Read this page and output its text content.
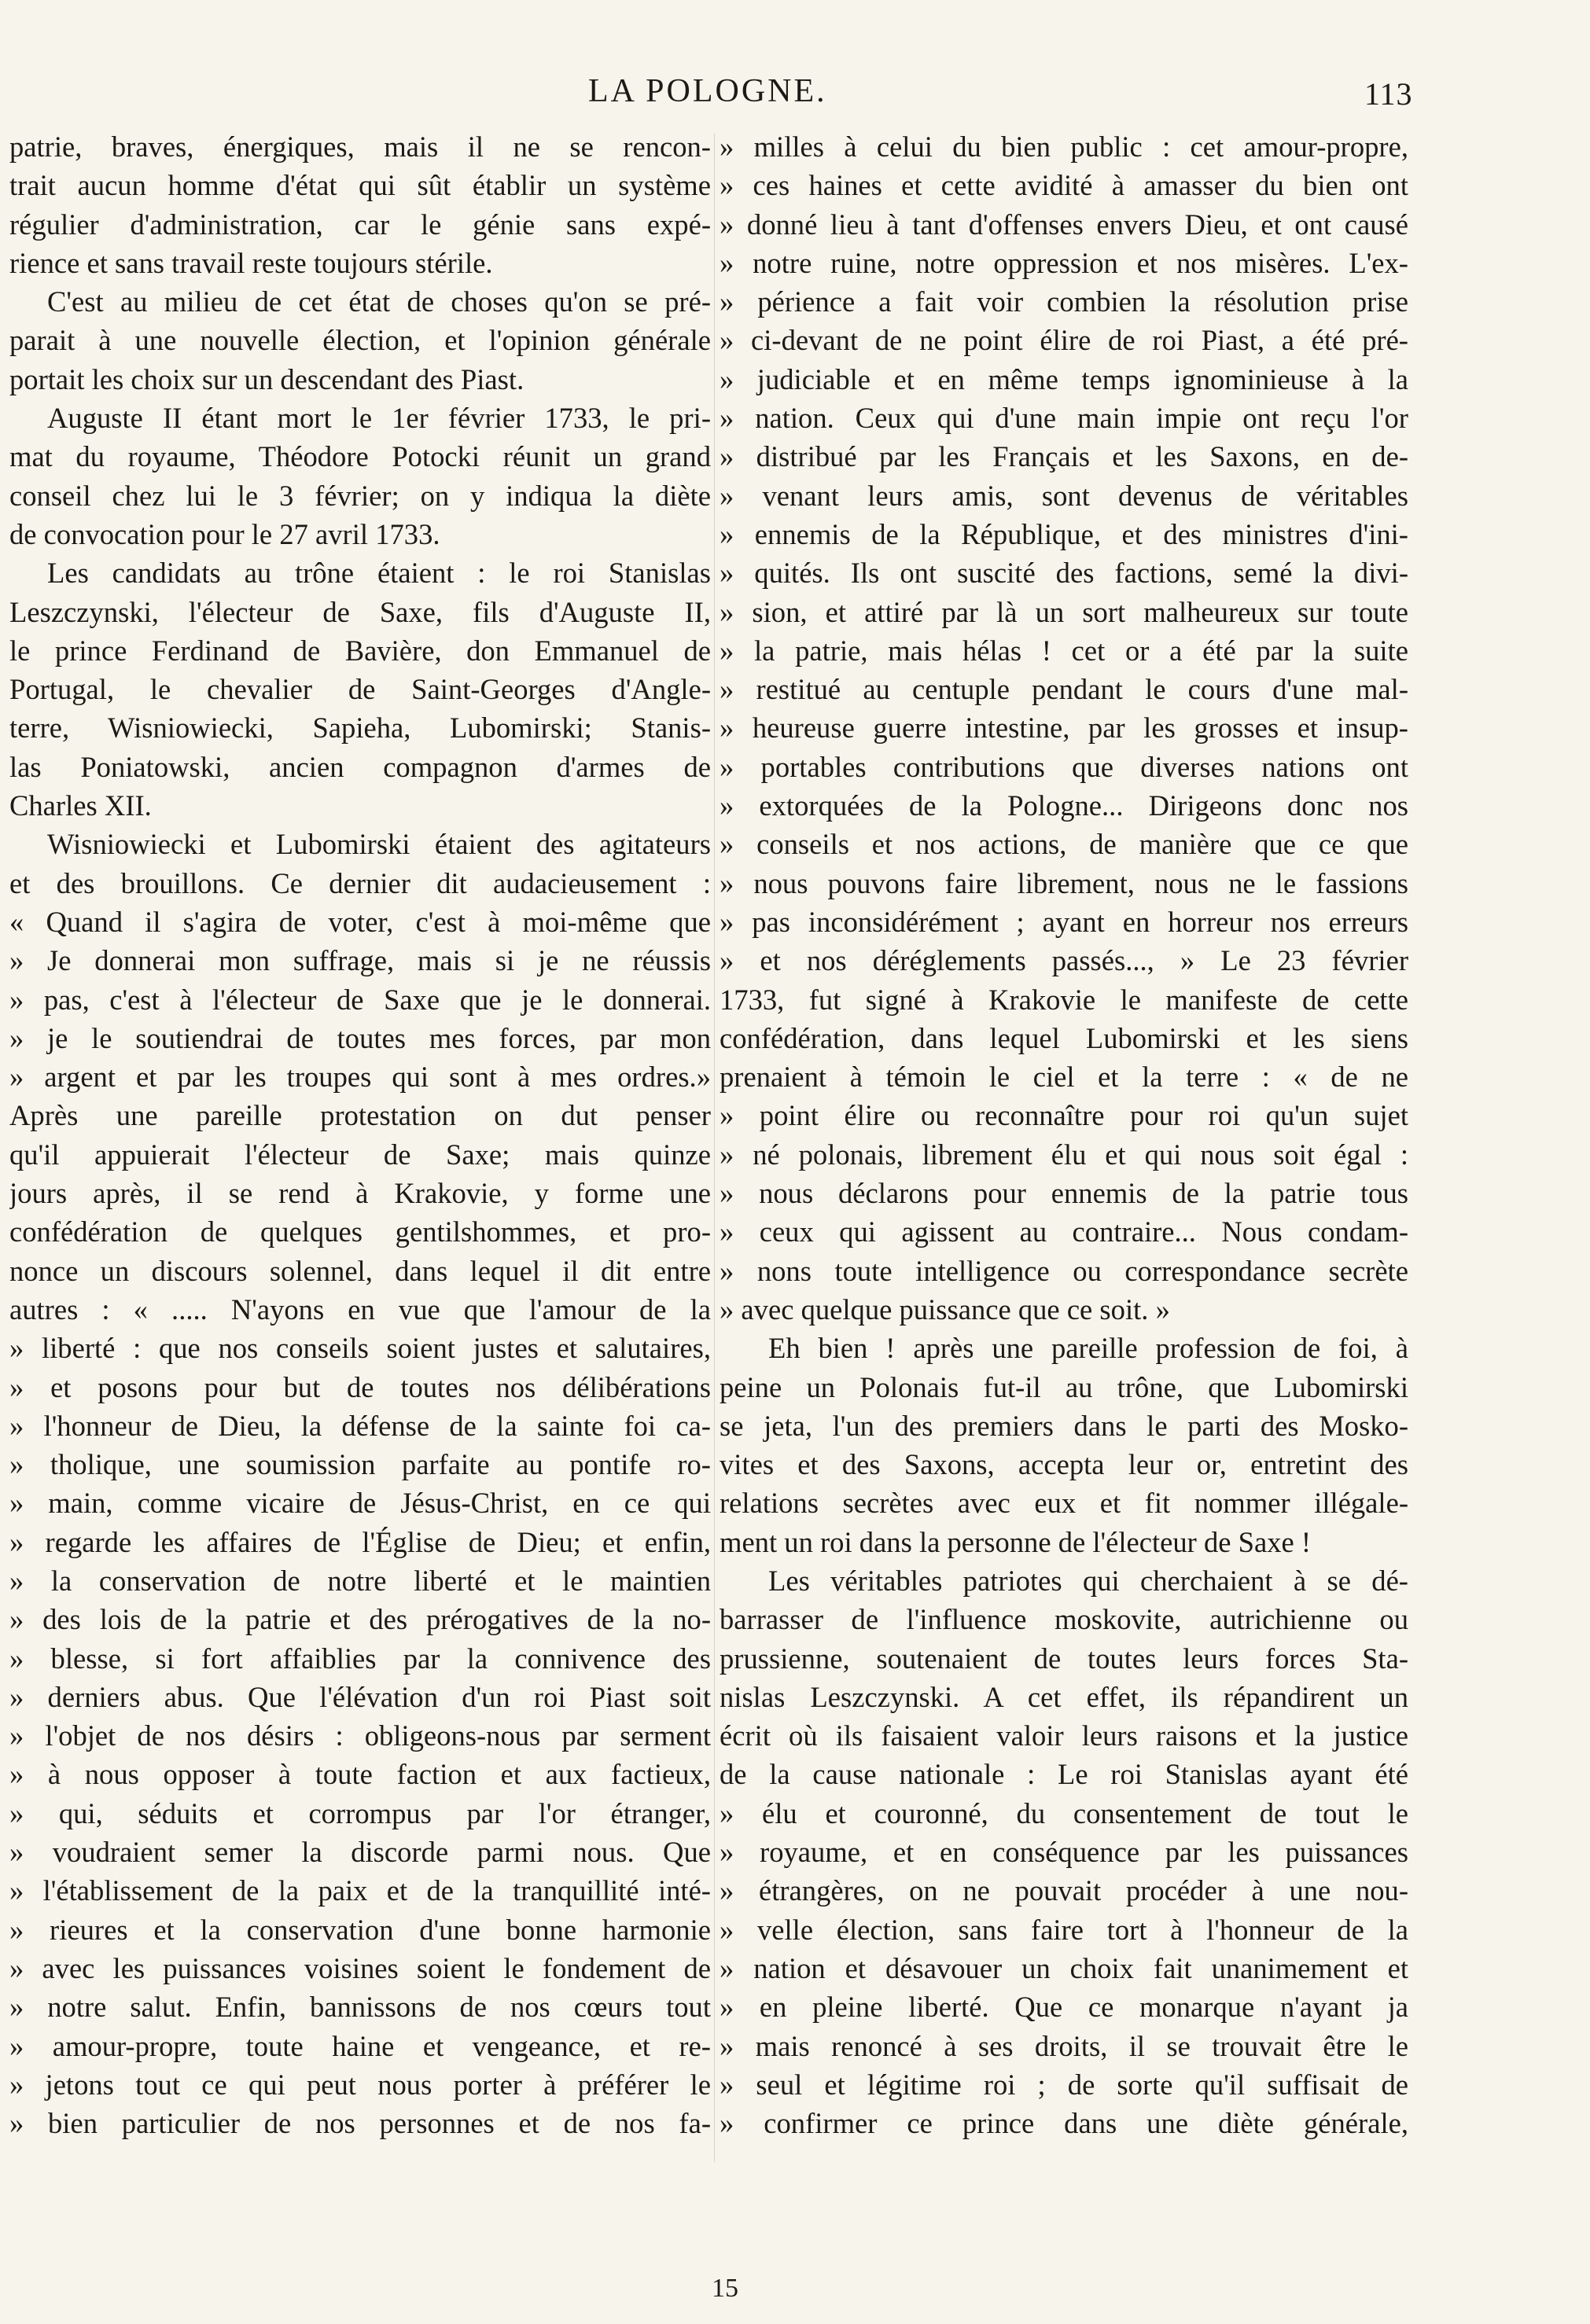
LA POLOGNE.	113
patrie, braves, énergiques, mais il ne se rencon-
trait aucun homme d'état qui sût établir un système
régulier d'administration, car le génie sans expé-
rience et sans travail reste toujours stérile.
C'est au milieu de cet état de choses qu'on se pré-
parait à une nouvelle élection, et l'opinion générale
portait les choix sur un descendant des Piast.
Auguste II étant mort le 1er février 1733, le pri-
mat du royaume, Théodore Potocki réunit un grand
conseil chez lui le 3 février; on y indiqua la diète
de convocation pour le 27 avril 1733.
Les candidats au trône étaient : le roi Stanislas
Leszczynski, l'électeur de Saxe, fils d'Auguste II,
le prince Ferdinand de Bavière, don Emmanuel de
Portugal, le chevalier de Saint-Georges d'Angle-
terre, Wisniowiecki, Sapieha, Lubomirski; Stanis-
las Poniatowski, ancien compagnon d'armes de
Charles XII.
Wisniowiecki et Lubomirski étaient des agitateurs
et des brouillons. Ce dernier dit audacieusement :
« Quand il s'agira de voter, c'est à moi-même que
» Je donnerai mon suffrage, mais si je ne réussis
» pas, c'est à l'électeur de Saxe que je le donnerai.
» je le soutiendrai de toutes mes forces, par mon
» argent et par les troupes qui sont à mes ordres.»
Après une pareille protestation on dut penser
qu'il appuierait l'électeur de Saxe; mais quinze
jours après, il se rend à Krakovie, y forme une
confédération de quelques gentilshommes, et pro-
nonce un discours solennel, dans lequel il dit entre
autres : « ..... N'ayons en vue que l'amour de la
» liberté : que nos conseils soient justes et salutaires,
» et posons pour but de toutes nos délibérations
» l'honneur de Dieu, la défense de la sainte foi ca-
» tholique, une soumission parfaite au pontife ro-
» main, comme vicaire de Jésus-Christ, en ce qui
» regarde les affaires de l'Église de Dieu; et enfin,
» la conservation de notre liberté et le maintien
» des lois de la patrie et des prérogatives de la no-
» blesse, si fort affaiblies par la connivence des
» derniers abus. Que l'élévation d'un roi Piast soit
» l'objet de nos désirs : obligeons-nous par serment
» à nous opposer à toute faction et aux factieux,
» qui, séduits et corrompus par l'or étranger,
» voudraient semer la discorde parmi nous. Que
» l'établissement de la paix et de la tranquillité inté-
» rieures et la conservation d'une bonne harmonie
» avec les puissances voisines soient le fondement de
» notre salut. Enfin, bannissons de nos cœurs tout
» amour-propre, toute haine et vengeance, et re-
» jetons tout ce qui peut nous porter à préférer le
» bien particulier de nos personnes et de nos fa-
» milles à celui du bien public : cet amour-propre,
» ces haines et cette avidité à amasser du bien ont
» donné lieu à tant d'offenses envers Dieu, et ont causé
» notre ruine, notre oppression et nos misères. L'ex-
» périence a fait voir combien la résolution prise
» ci-devant de ne point élire de roi Piast, a été pré-
» judiciable et en même temps ignominieuse à la
» nation. Ceux qui d'une main impie ont reçu l'or
» distribué par les Français et les Saxons, en de-
» venant leurs amis, sont devenus de véritables
» ennemis de la République, et des ministres d'ini-
» quités. Ils ont suscité des factions, semé la divi-
» sion, et attiré par là un sort malheureux sur toute
» la patrie, mais hélas ! cet or a été par la suite
» restitué au centuple pendant le cours d'une mal-
» heureuse guerre intestine, par les grosses et insup-
» portables contributions que diverses nations ont
» extorquées de la Pologne... Dirigeons donc nos
» conseils et nos actions, de manière que ce que
» nous pouvons faire librement, nous ne le fassions
» pas inconsidérément ; ayant en horreur nos erreurs
» et nos déréglements passés..., » Le 23 février
1733, fut signé à Krakovie le manifeste de cette
confédération, dans lequel Lubomirski et les siens
prenaient à témoin le ciel et la terre : « de ne
» point élire ou reconnaître pour roi qu'un sujet
» né polonais, librement élu et qui nous soit égal :
» nous déclarons pour ennemis de la patrie tous
» ceux qui agissent au contraire... Nous condam-
» nons toute intelligence ou correspondance secrète
» avec quelque puissance que ce soit. »
Eh bien ! après une pareille profession de foi, à
peine un Polonais fut-il au trône, que Lubomirski
se jeta, l'un des premiers dans le parti des Mosko-
vites et des Saxons, accepta leur or, entretint des
relations secrètes avec eux et fit nommer illégale-
ment un roi dans la personne de l'électeur de Saxe !
Les véritables patriotes qui cherchaient à se dé-
barrasser de l'influence moskovite, autrichienne ou
prussienne, soutenaient de toutes leurs forces Sta-
nislas Leszczynski. A cet effet, ils répandirent un
écrit où ils faisaient valoir leurs raisons et la justice
de la cause nationale : Le roi Stanislas ayant été
» élu et couronné, du consentement de tout le
» royaume, et en conséquence par les puissances
» étrangères, on ne pouvait procéder à une nou-
» velle élection, sans faire tort à l'honneur de la
» nation et désavouer un choix fait unanimement et
» en pleine liberté. Que ce monarque n'ayant ja
» mais renoncé à ses droits, il se trouvait être le
» seul et légitime roi ; de sorte qu'il suffisait de
» confirmer ce prince dans une diète générale,
15
